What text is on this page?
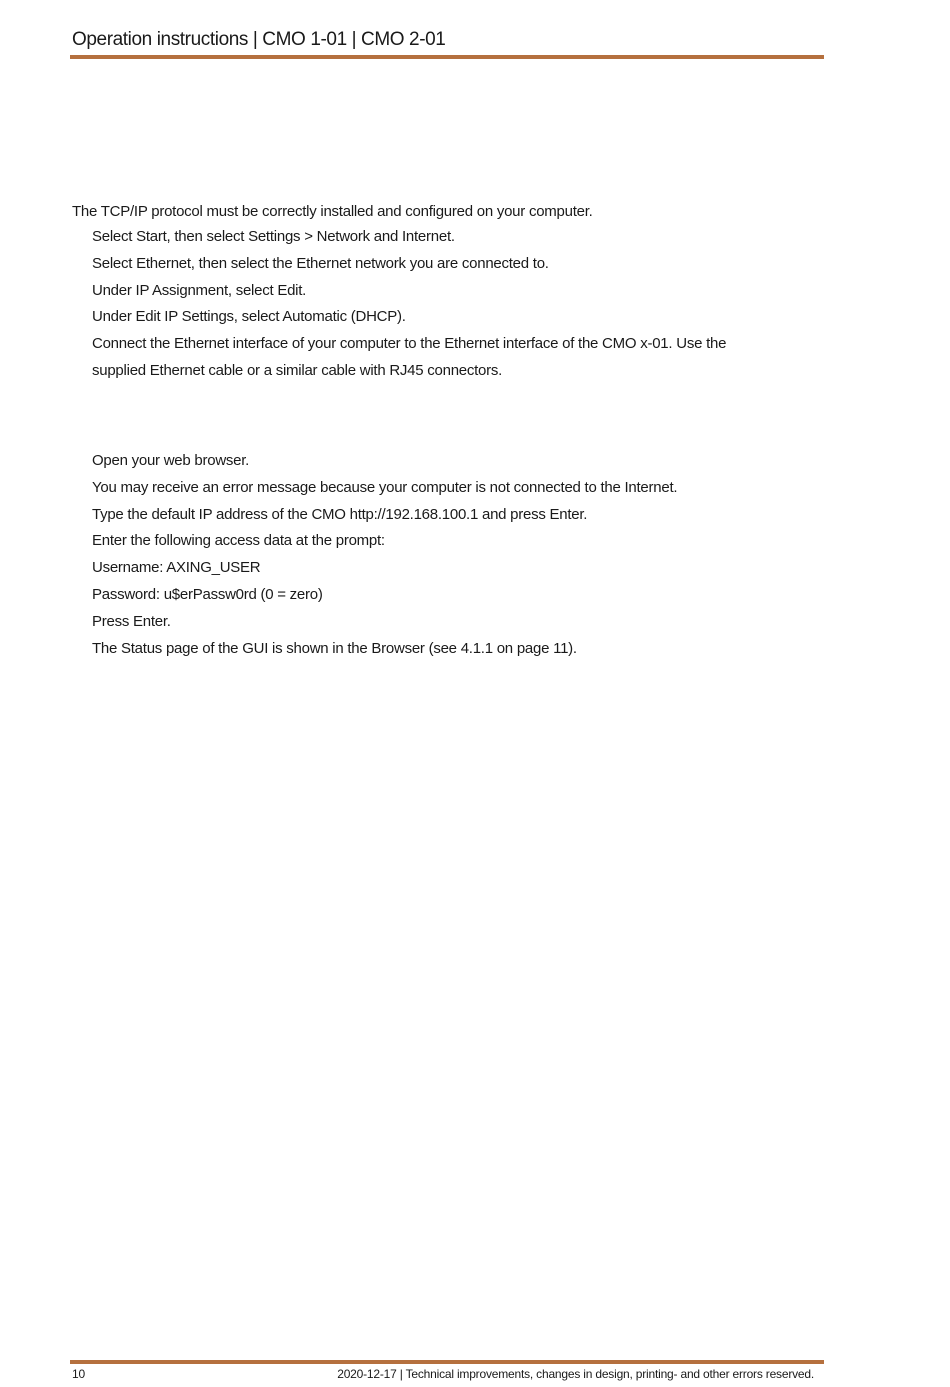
Operation instructions | CMO 1-01 | CMO 2-01
The TCP/IP protocol must be correctly installed and configured on your computer.
Select Start, then select Settings > Network and Internet.
Select Ethernet, then select the Ethernet network you are connected to.
Under IP Assignment, select Edit.
Under Edit IP Settings, select Automatic (DHCP).
Connect the Ethernet interface of your computer to the Ethernet interface of the CMO x-01. Use the
supplied Ethernet cable or a similar cable with RJ45 connectors.
Open your web browser.
You may receive an error message because your computer is not connected to the Internet.
Type the default IP address of the CMO http://192.168.100.1 and press Enter.
Enter the following access data at the prompt:
Username: AXING_USER
Password: u$erPassw0rd (0 = zero)
Press Enter.
The Status page of the GUI is shown in the Browser (see 4.1.1 on page 11).
10	2020-12-17 | Technical improvements, changes in design, printing- and other errors reserved.
